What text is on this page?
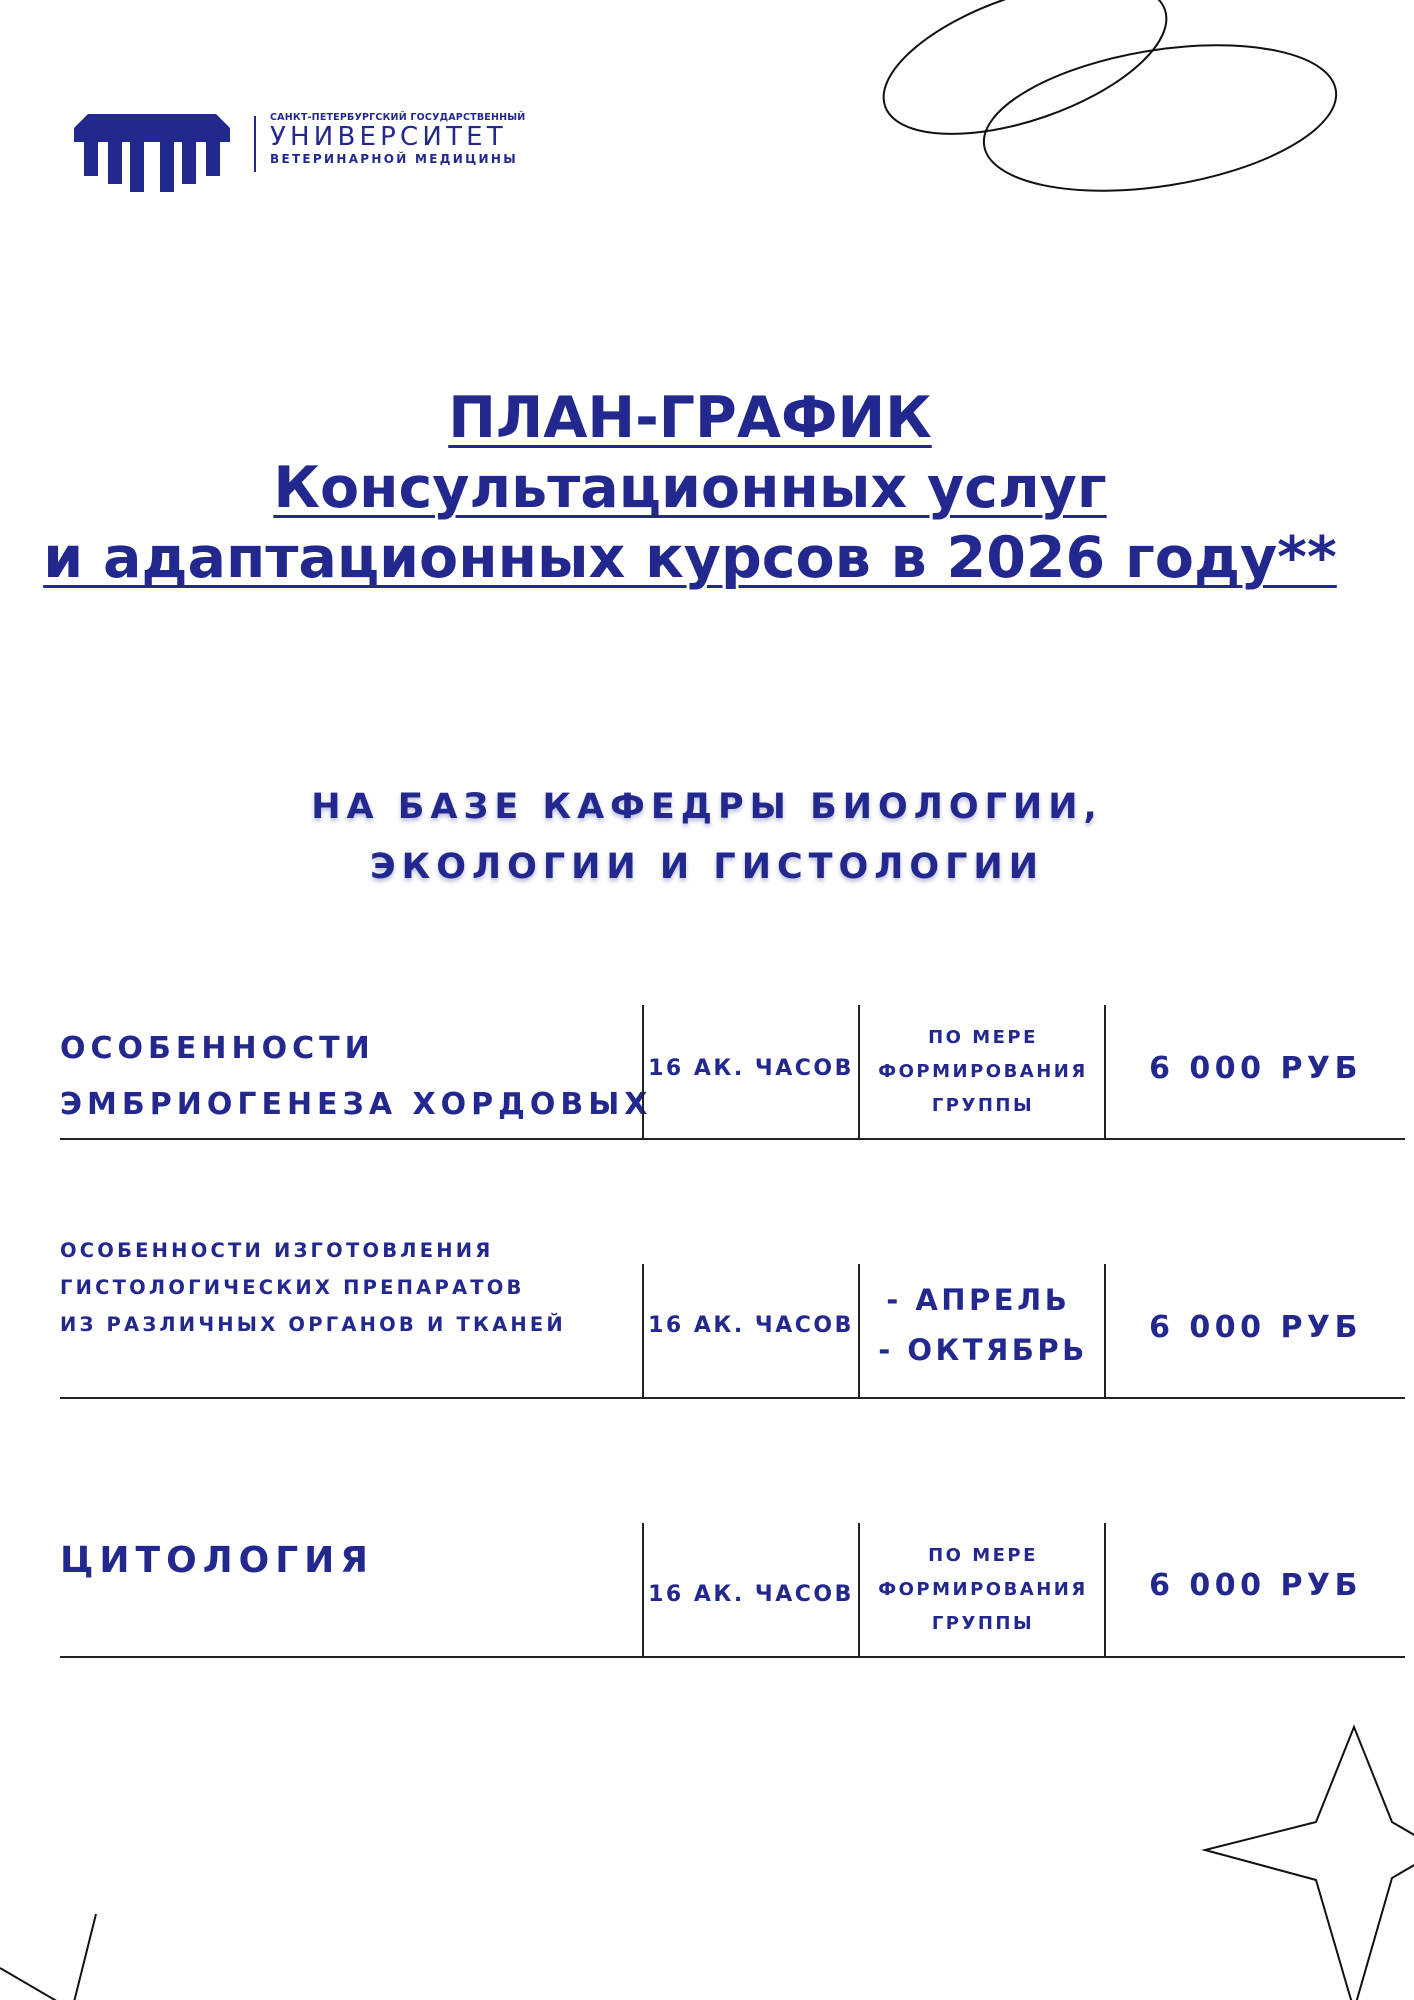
САНКТ-ПЕТЕРБУРГСКИЙ ГОСУДАРСТВЕННЫЙ
УНИВЕРСИТЕТ
ВЕТЕРИНАРНОЙ МЕДИЦИНЫ
ПЛАН-ГРАФИК
Консультационных услуг
и адаптационных курсов в 2026 году**
НА БАЗЕ КАФЕДРЫ БИОЛОГИИ,
ЭКОЛОГИИ И ГИСТОЛОГИИ
ОСОБЕННОСТИ
ЭМБРИОГЕНЕЗА ХОРДОВЫХ
16 АК. ЧАСОВ
ПО МЕРЕ
ФОРМИРОВАНИЯ
ГРУППЫ
6 000 РУБ
ОСОБЕННОСТИ ИЗГОТОВЛЕНИЯ
ГИСТОЛОГИЧЕСКИХ ПРЕПАРАТОВ
ИЗ РАЗЛИЧНЫХ ОРГАНОВ И ТКАНЕЙ	16 АК. ЧАСОВ
- АПРЕЛЬ
- ОКТЯБРЬ
6 000 РУБ
ЦИТОЛОГИЯ
16 АК. ЧАСОВ
ПО МЕРЕ
ФОРМИРОВАНИЯ
ГРУППЫ
6 000 РУБ
